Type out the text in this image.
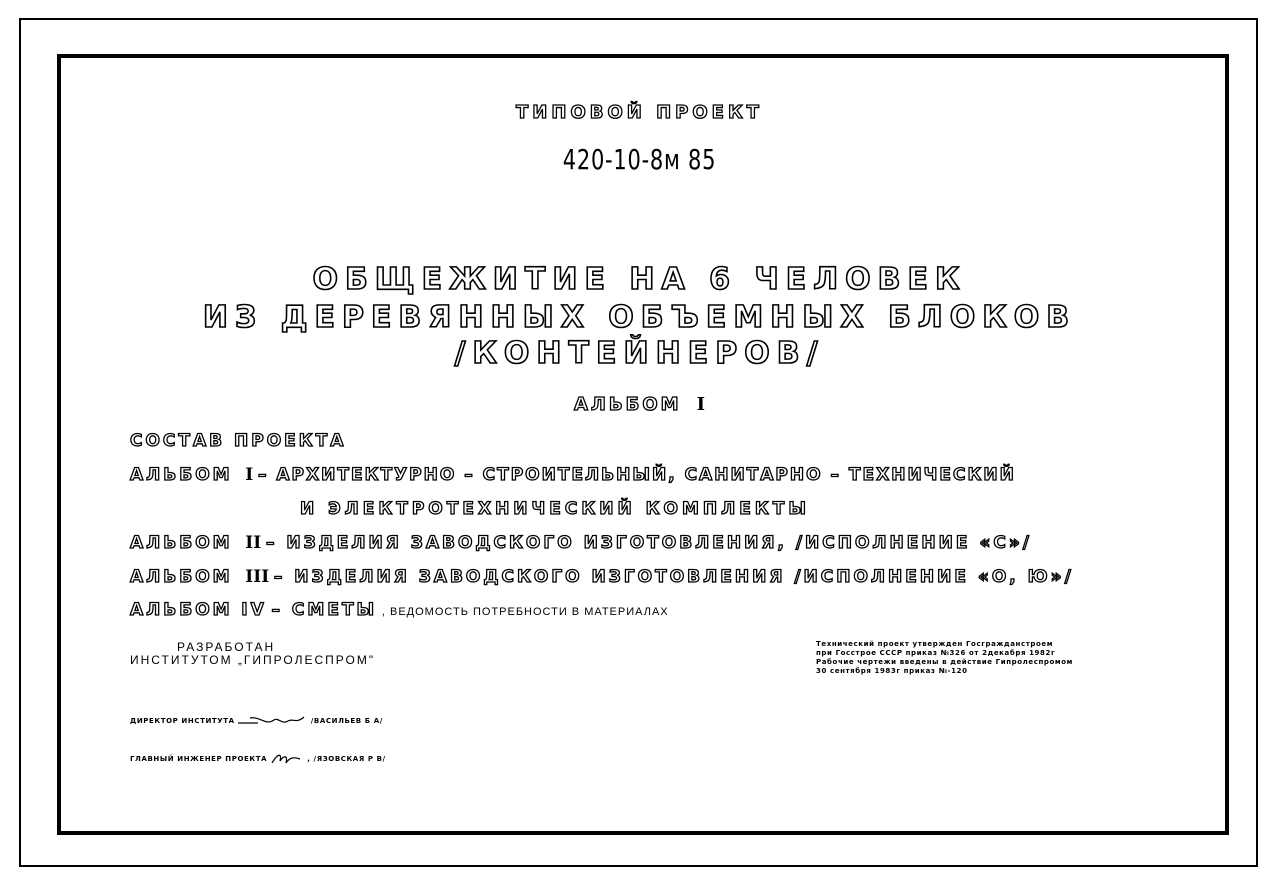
ТИПОВОЙ ПРОЕКТ
420-10-8м 85
ОБЩЕЖИТИЕ НА 6 ЧЕЛОВЕК
ИЗ ДЕРЕВЯННЫХ ОБЪЕМНЫХ БЛОКОВ
/КОНТЕЙНЕРОВ/
АЛЬБОМ I
СОСТАВ ПРОЕКТА
АЛЬБОМ I – АРХИТЕКТУРНО – СТРОИТЕЛЬНЫЙ, САНИТАРНО – ТЕХНИЧЕСКИЙ
И ЭЛЕКТРОТЕХНИЧЕСКИЙ КОМПЛЕКТЫ
АЛЬБОМ II – ИЗДЕЛИЯ ЗАВОДСКОГО ИЗГОТОВЛЕНИЯ, /ИСПОЛНЕНИЕ «С»/
АЛЬБОМ III – ИЗДЕЛИЯ ЗАВОДСКОГО ИЗГОТОВЛЕНИЯ /ИСПОЛНЕНИЕ «О, Ю»/
АЛЬБОМ IV – СМЕТЫ , ВЕДОМОСТЬ ПОТРЕБНОСТИ В МАТЕРИАЛАХ
РАЗРАБОТАН
ИНСТИТУТОМ „ГИПРОЛЕСПРОМ"
Технический проект утвержден Госгражданстроем
при Госстрое СССР приказ №326 от 2декабря 1982г
Рабочие чертежи введены в действие Гипролеспромом
30 сентября 1983г приказ №-120
ДИРЕКТОР ИНСТИТУТА	/ВАСИЛЬЕВ Б А/
ГЛАВНЫЙ ИНЖЕНЕР ПРОЕКТА	, /ЯЗОВСКАЯ Р В/
